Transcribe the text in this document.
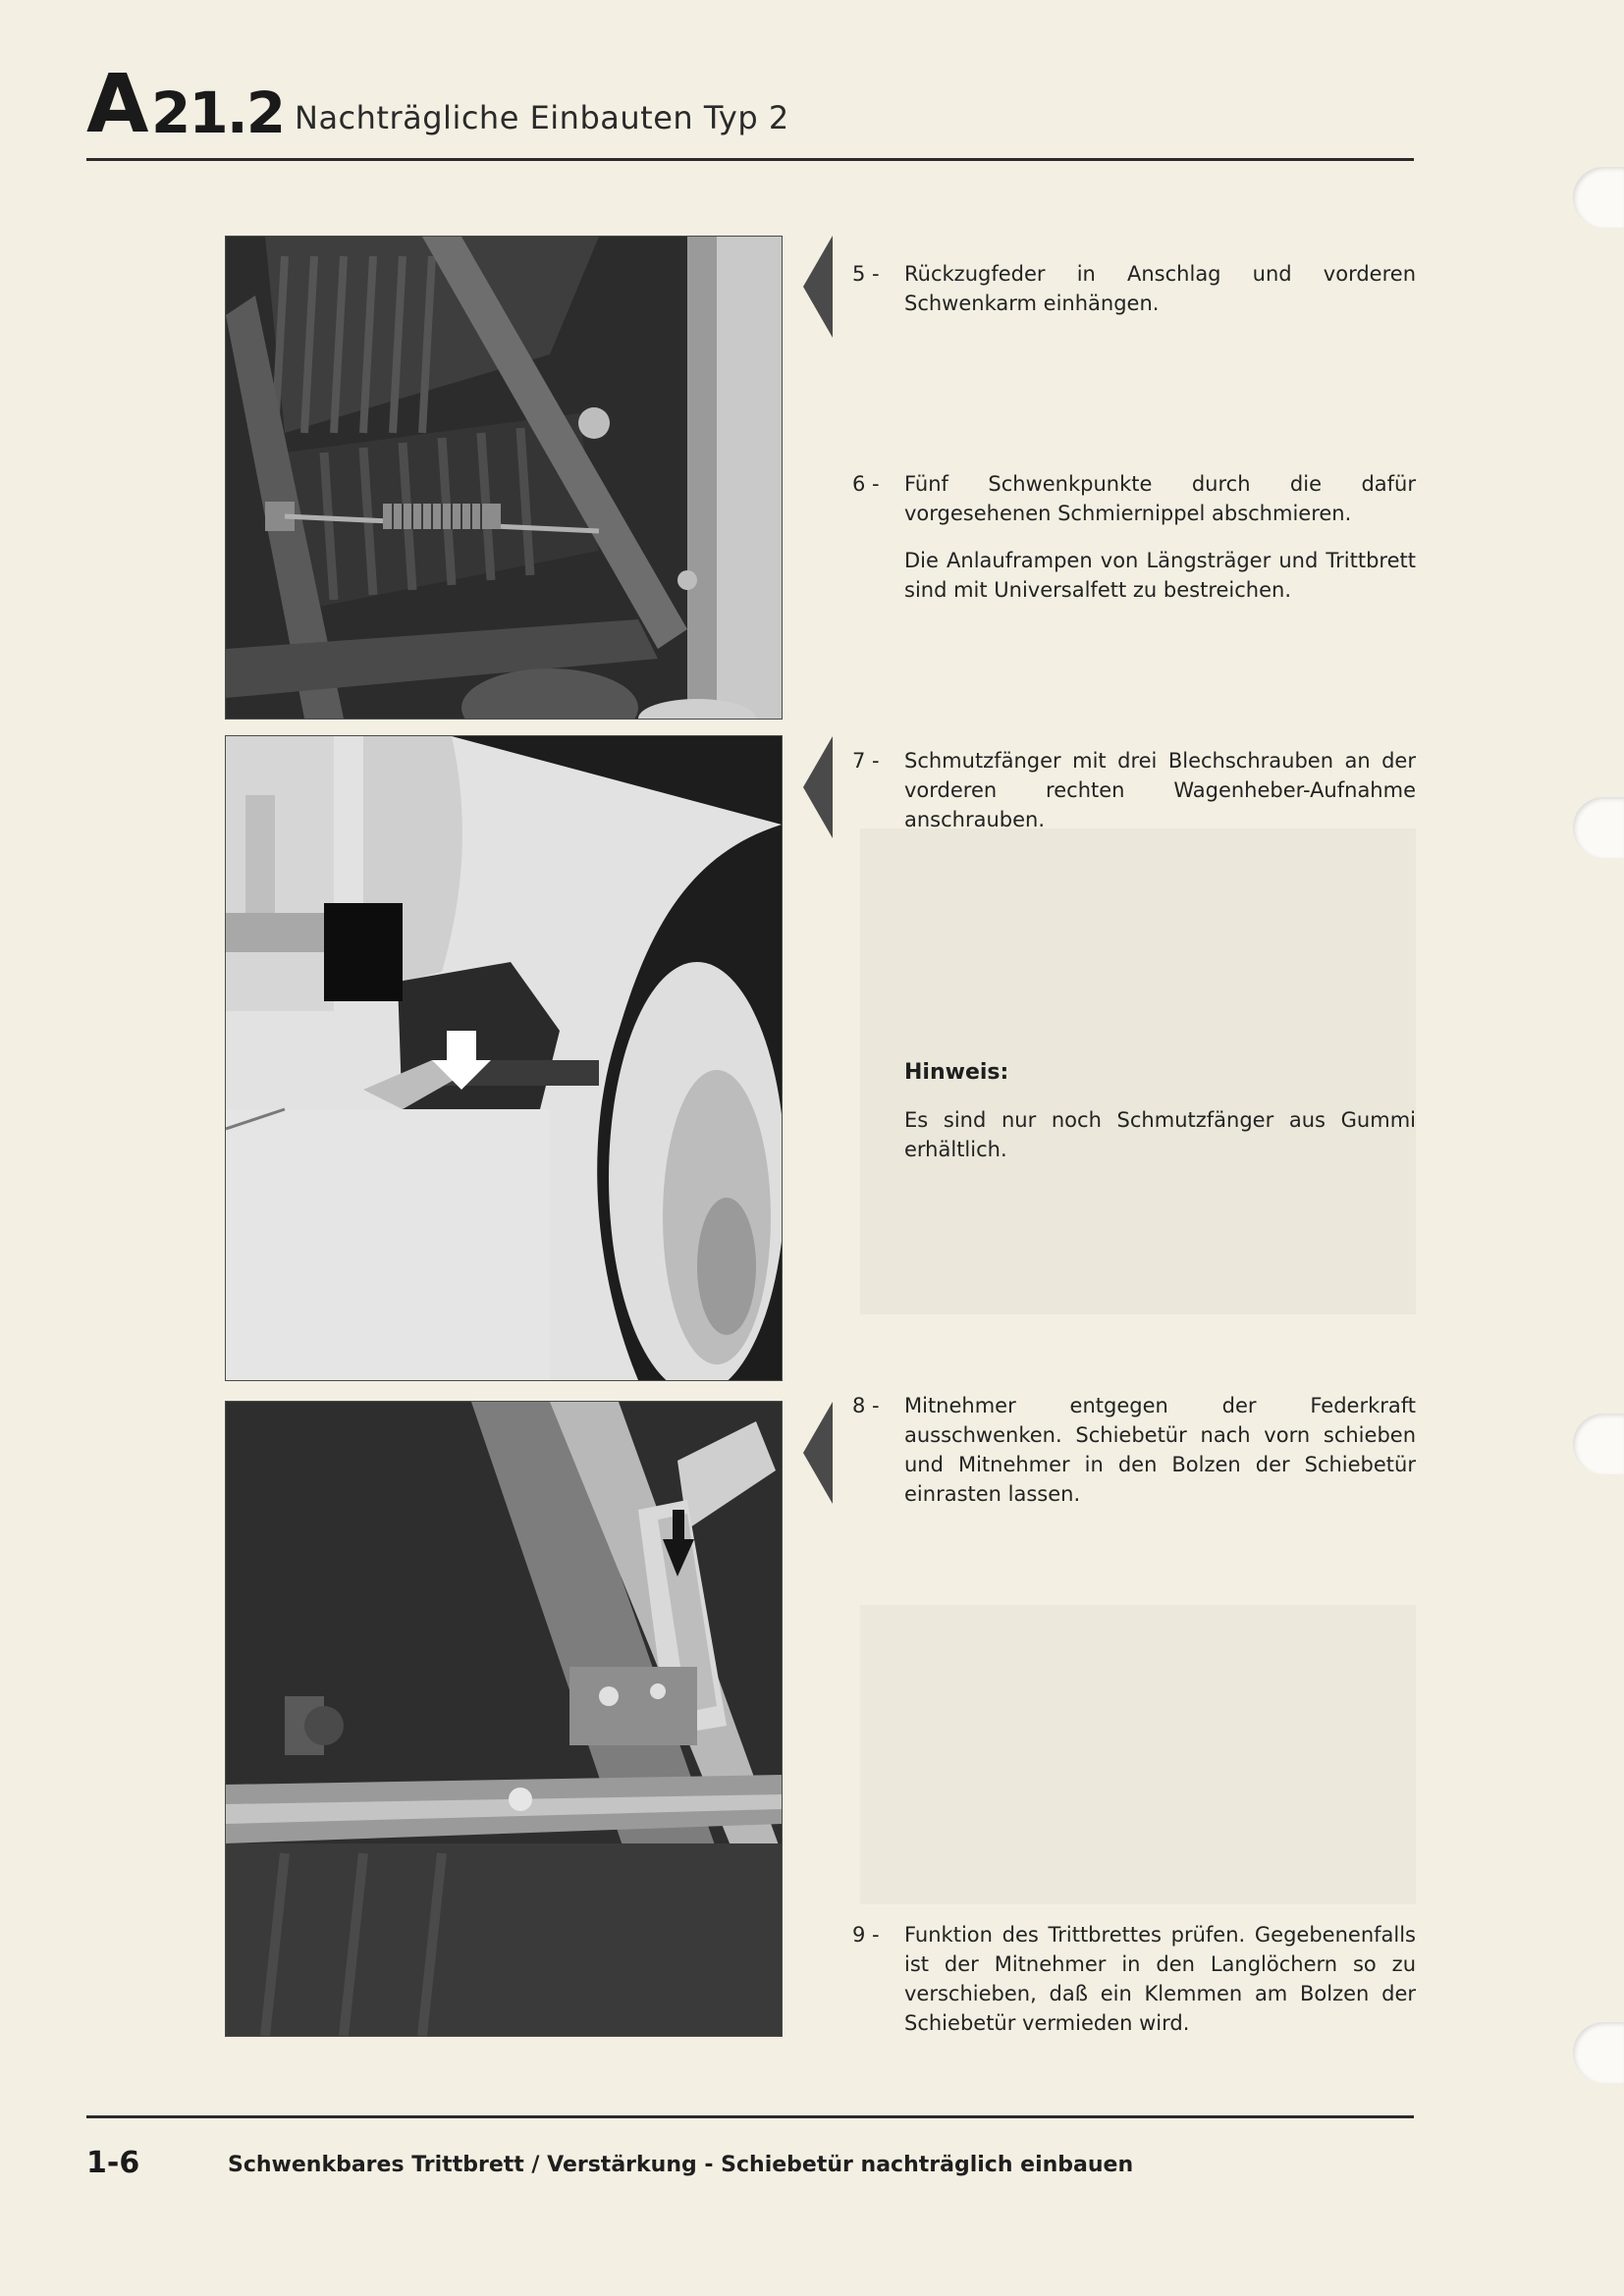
A 21.2 Nachträgliche Einbauten Typ 2
5 -	Rückzugfeder in Anschlag und vorderen Schwenkarm einhängen.
6 -	Fünf Schwenkpunkte durch die dafür vorgesehenen Schmiernippel abschmieren.
Die Anlauframpen von Längsträger und Trittbrett sind mit Universalfett zu bestreichen.
7 -	Schmutzfänger mit drei Blechschrauben an der vorderen rechten Wagenheber-Aufnahme anschrauben.
Hinweis:
Es sind nur noch Schmutzfänger aus Gummi erhältlich.
8 -	Mitnehmer entgegen der Federkraft ausschwenken. Schiebetür nach vorn schieben und Mitnehmer in den Bolzen der Schiebetür einrasten lassen.
9 -	Funktion des Trittbrettes prüfen. Gegebenenfalls ist der Mitnehmer in den Langlöchern so zu verschieben, daß ein Klemmen am Bolzen der Schiebetür vermieden wird.
1-6	Schwenkbares Trittbrett / Verstärkung - Schiebetür nachträglich einbauen
